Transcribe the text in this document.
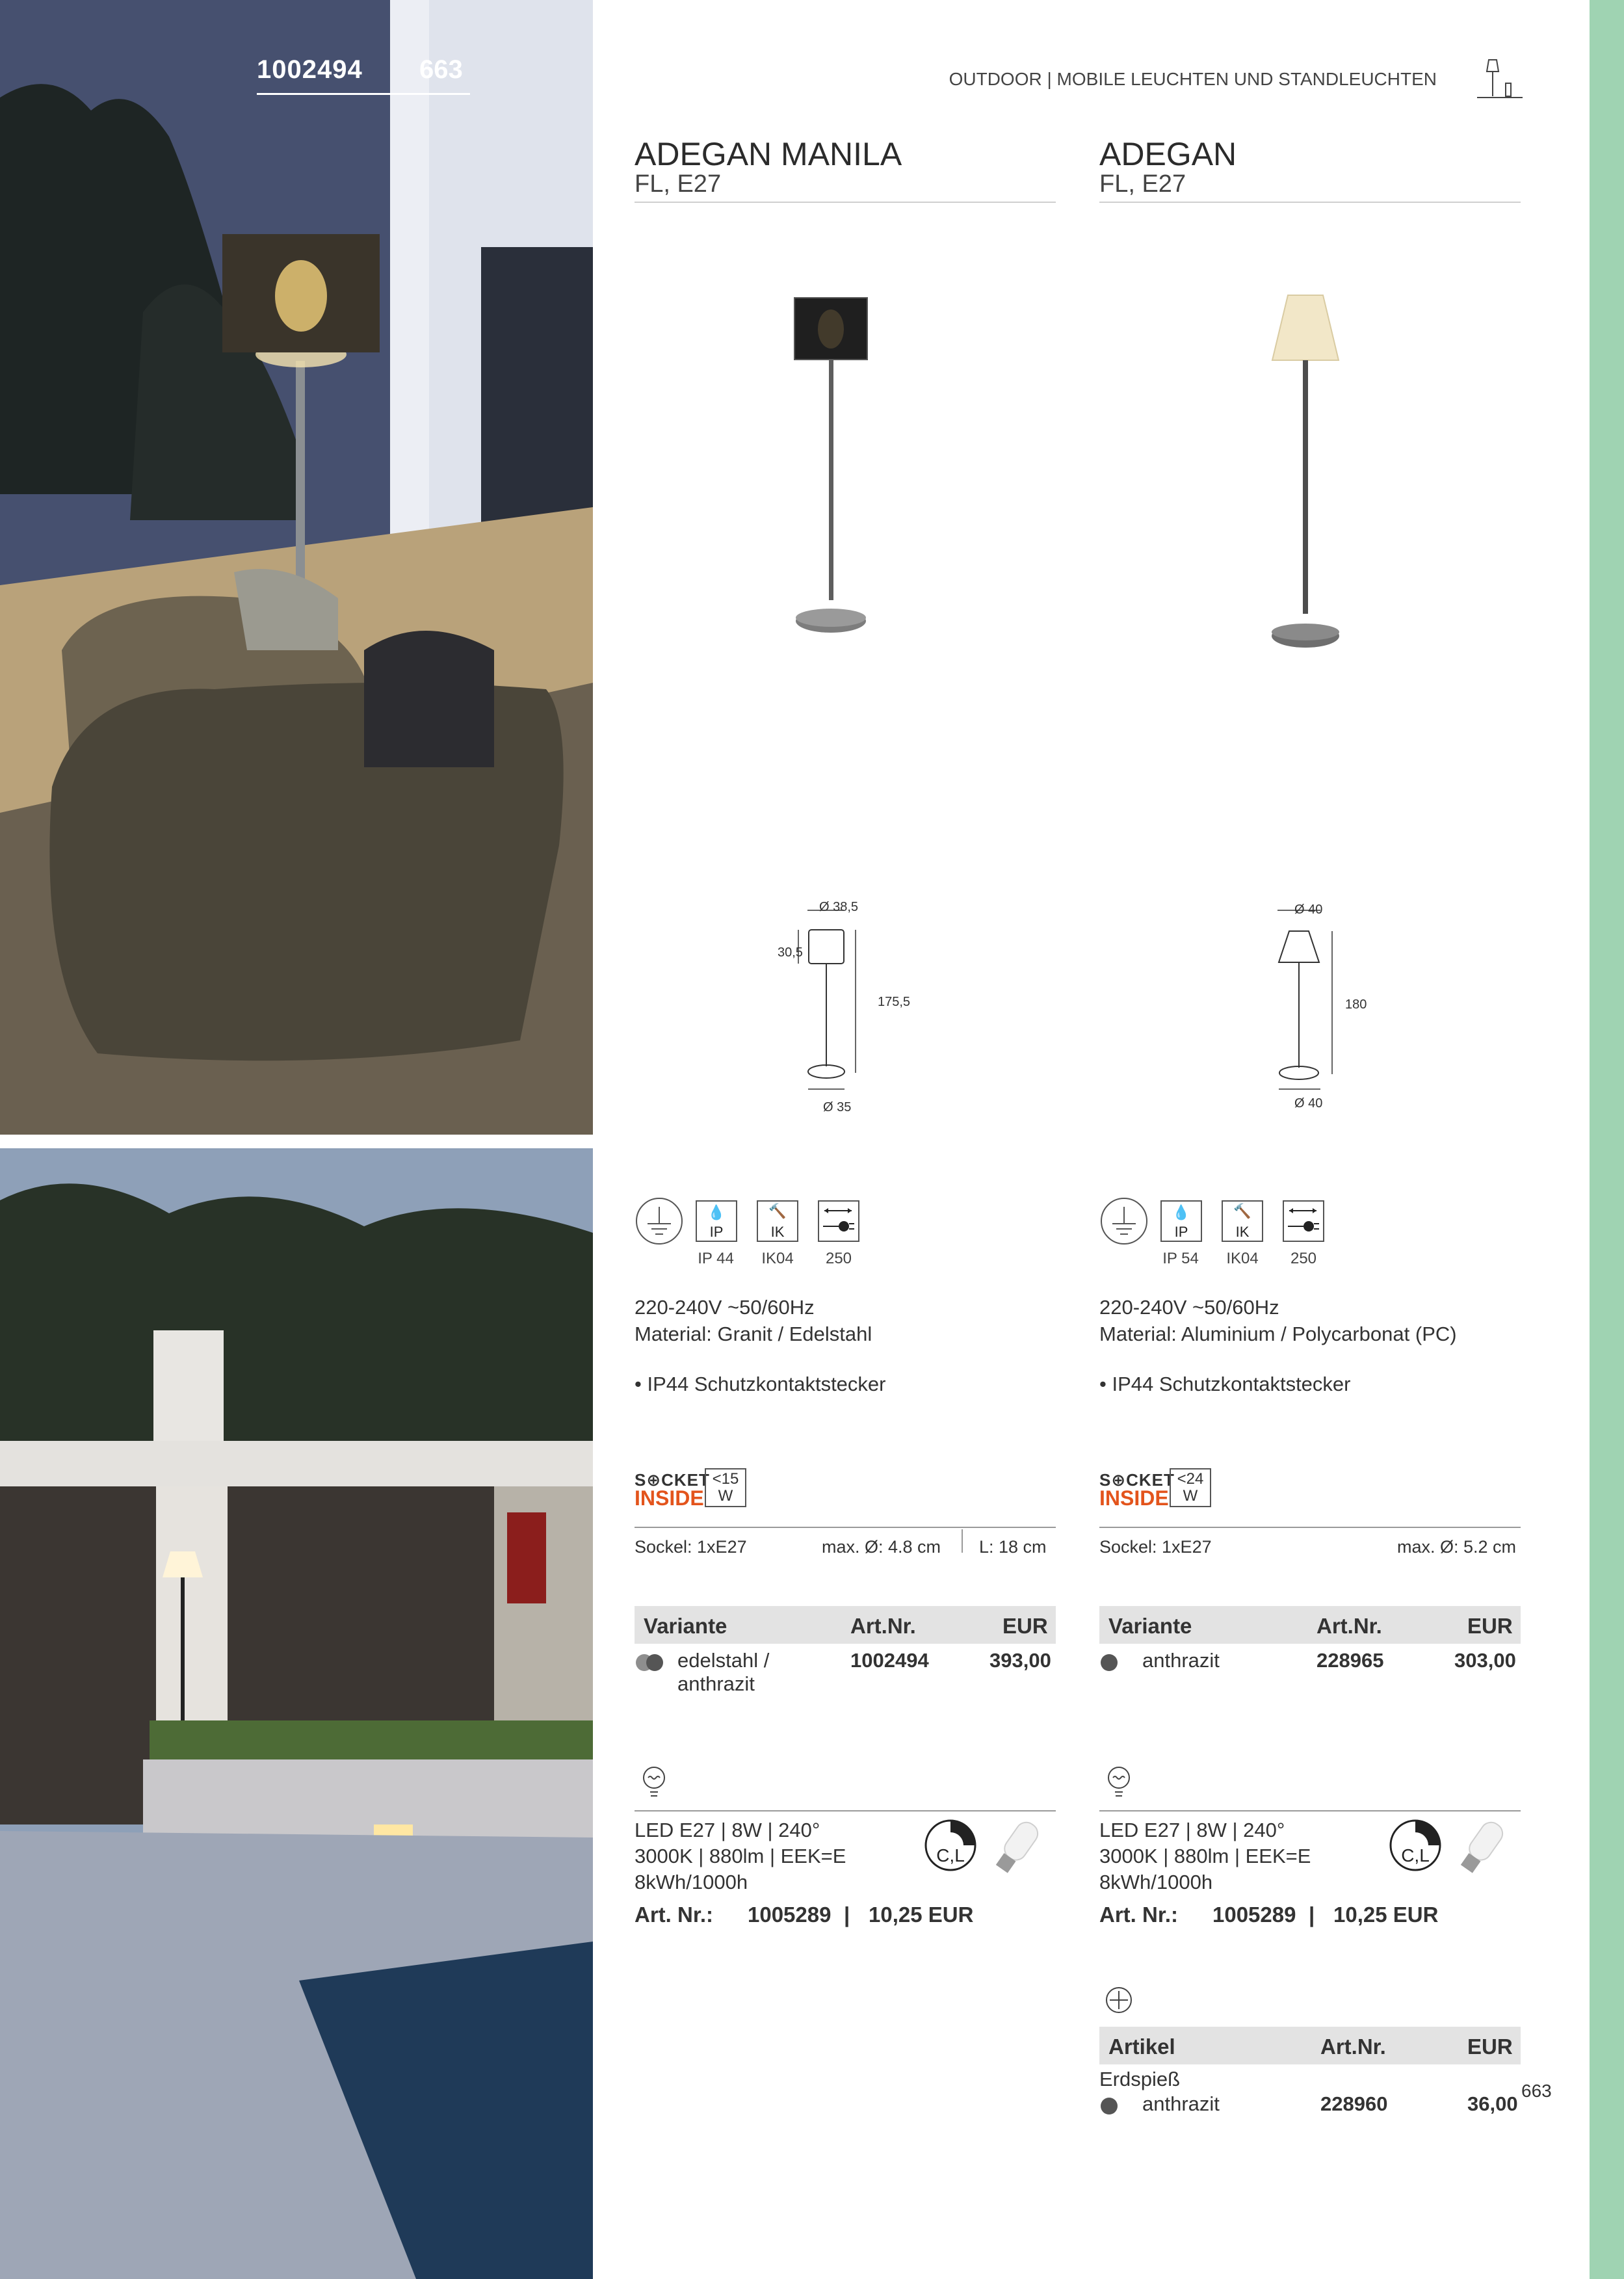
1002494 663	OUTDOOR | MOBILE LEUCHTEN UND STANDLEUCHTEN
ADEGAN MANILA
FL, E27
Ø 38,5
30,5
175,5
Ø 35
💧
IP
🔨
IK
IP 44	IK04	250
220-240V ~50/60Hz
Material: Granit / Edelstahl
• IP44 Schutzkontaktstecker
S⊕CKET
INSIDE
<15
W
Sockel: 1xE27	max. Ø: 4.8 cm L: 18 cm
Variante	Art.Nr.	EUR
edelstahl /
anthrazit
1002494	393,00
LED E27 | 8W | 240°
3000K | 880lm | EEK=E
8kWh/1000h
C,L
Art. Nr.: 1005289 | 10,25 EUR
ADEGAN
FL, E27
Ø 40
180
Ø 40
💧
IP
🔨
IK
IP 54	IK04	250
220-240V ~50/60Hz
Material: Aluminium / Polycarbonat (PC)
• IP44 Schutzkontaktstecker
S⊕CKET
INSIDE
<24
W
Sockel: 1xE27	max. Ø: 5.2 cm
Variante	Art.Nr.	EUR
anthrazit	228965	303,00
LED E27 | 8W | 240°
3000K | 880lm | EEK=E
8kWh/1000h
C,L
Art. Nr.: 1005289 | 10,25 EUR
Artikel	Art.Nr.	EUR
Erdspieß
anthrazit	228960	36,00
663
